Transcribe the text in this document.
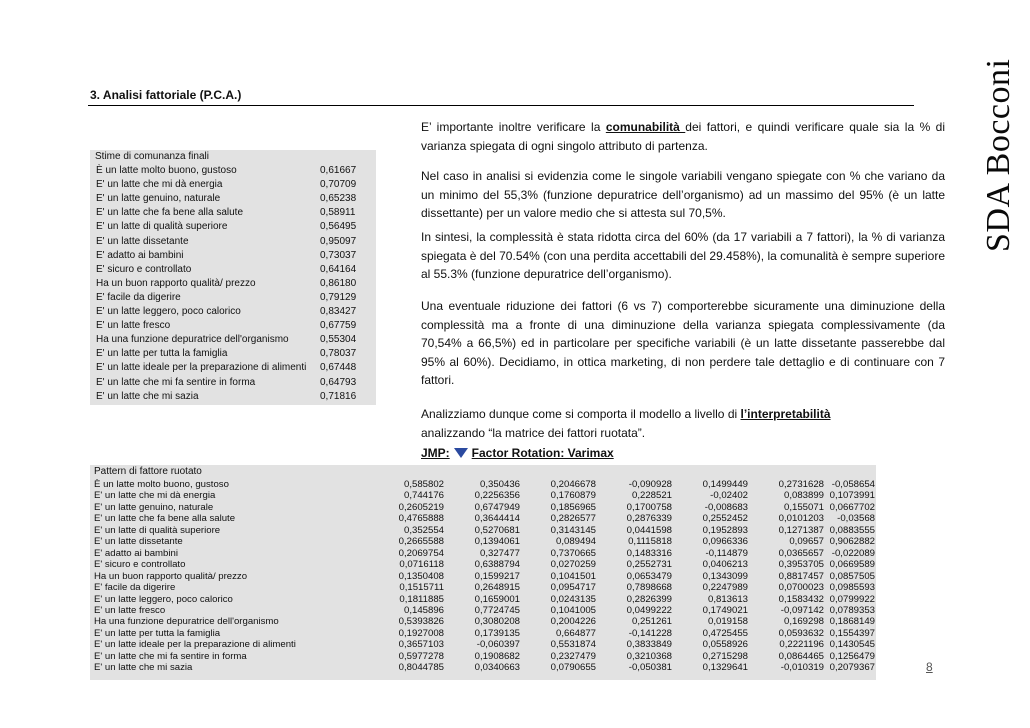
3. Analisi fattoriale (P.C.A.)	SDA Bocconi
Stime di comunanza finali
È un latte molto buono, gustoso	0,61667
E' un latte che mi dà energia	0,70709
E' un latte genuino, naturale	0,65238
E' un latte che fa bene alla salute	0,58911
E' un latte di qualità superiore	0,56495
E' un latte dissetante	0,95097
E' adatto ai bambini	0,73037
E' sicuro e controllato	0,64164
Ha un buon rapporto qualità/ prezzo	0,86180
E' facile da digerire	0,79129
E' un latte leggero, poco calorico	0,83427
E' un latte fresco	0,67759
Ha una funzione depuratrice dell'organismo	0,55304
E' un latte per tutta la famiglia	0,78037
E' un latte ideale per la preparazione di alimenti 0,67448
E' un latte che mi fa sentire in forma	0,64793
E' un latte che mi sazia	0,71816
E’ importante inoltre verificare la comunabilità dei fattori, e quindi verificare quale sia la % di varianza spiegata di ogni singolo attributo di partenza.
Nel caso in analisi si evidenzia come le singole variabili vengano spiegate con % che variano da un minimo del 55,3% (funzione depuratrice dell’organismo) ad un massimo del 95% (è un latte dissettante) per un valore medio che si attesta sul 70,5%.
In sintesi, la complessità è stata ridotta circa del 60% (da 17 variabili a 7 fattori), la % di varianza spiegata è del 70.54% (con una perdita accettabili del 29.458%), la comunalità è sempre superiore al 55.3% (funzione depuratrice dell’organismo).
Una eventuale riduzione dei fattori (6 vs 7) comporterebbe sicuramente una diminuzione della complessità ma a fronte di una diminuzione della varianza spiegata complessivamente (da 70,54% a 66,5%) ed in particolare per specifiche variabili (è un latte dissetante passerebbe dal 95% al 60%). Decidiamo, in ottica marketing, di non perdere tale dettaglio e di continuare con 7 fattori.
Analizziamo dunque come si comporta il modello a livello di l’interpretabilità
analizzando “la matrice dei fattori ruotata”.
JMP: Factor Rotation: Varimax
Pattern di fattore ruotato
È un latte molto buono, gustoso	0,585802	0,350436	0,2046678	-0,090928	0,1499449	0,2731628 -0,058654
E' un latte che mi dà energia	0,744176	0,2256356	0,1760879	0,228521	-0,02402	0,083899 0,1073991
E' un latte genuino, naturale	0,2605219	0,6747949	0,1856965	0,1700758	-0,008683	0,155071 0,0667702
E' un latte che fa bene alla salute	0,4765888	0,3644414	0,2826577	0,2876339	0,2552452	0,0101203	-0,03568
E' un latte di qualità superiore	0,352554	0,5270681	0,3143145	0,0441598	0,1952893	0,1271387 0,0883555
E' un latte dissetante	0,2665588	0,1394061	0,089494	0,1115818	0,0966336	0,09657 0,9062882
E' adatto ai bambini	0,2069754	0,327477	0,7370665	0,1483316	-0,114879	0,0365657 -0,022089
E' sicuro e controllato	0,0716118	0,6388794	0,0270259	0,2552731	0,0406213	0,3953705 0,0669589
Ha un buon rapporto qualità/ prezzo	0,1350408	0,1599217	0,1041501	0,0653479	0,1343099	0,8817457 0,0857505
E' facile da digerire	0,1515711	0,2648915	0,0954717	0,7898668	0,2247989	0,0700023 0,0985593
E' un latte leggero, poco calorico	0,1811885	0,1659001	0,0243135	0,2826399	0,813613	0,1583432 0,0799922
E' un latte fresco	0,145896	0,7724745	0,1041005	0,0499222	0,1749021	-0,097142 0,0789353
Ha una funzione depuratrice dell'organismo	0,5393826	0,3080208	0,2004226	0,251261	0,019158	0,169298 0,1868149
E' un latte per tutta la famiglia	0,1927008	0,1739135	0,664877	-0,141228	0,4725455	0,0593632 0,1554397
E' un latte ideale per la preparazione di alimenti	0,3657103	-0,060397	0,5531874	0,3833849	0,0558926	0,2221196 0,1430545
E' un latte che mi fa sentire in forma	0,5977278	0,1908682	0,2327479	0,3210368	0,2715298	0,0864465 0,1256479
E' un latte che mi sazia	0,8044785	0,0340663	0,0790655	-0,050381	0,1329641	-0,010319 0,2079367	8
